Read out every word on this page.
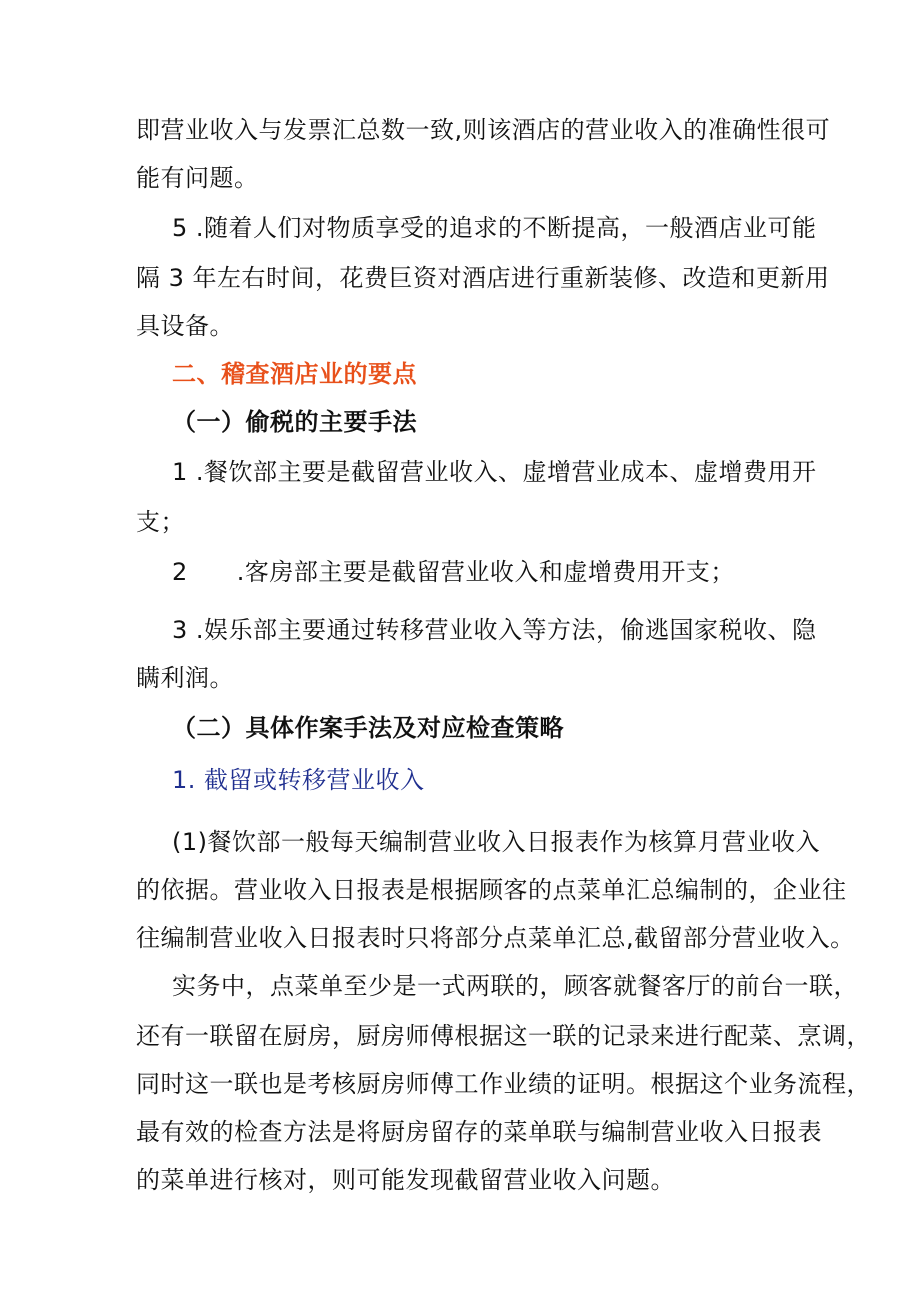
即营业收入与发票汇总数一致,则该酒店的营业收入的准确性很可
能有问题。
5 .随着人们对物质享受的追求的不断提高，一般酒店业可能
隔 3 年左右时间，花费巨资对酒店进行重新装修、改造和更新用
具设备。
二、稽查酒店业的要点
（一）偷税的主要手法
1 .餐饮部主要是截留营业收入、虚增营业成本、虚增费用开
支；
2　　.客房部主要是截留营业收入和虚增费用开支；
3 .娱乐部主要通过转移营业收入等方法，偷逃国家税收、隐
瞒利润。
（二）具体作案手法及对应检查策略
1. 截留或转移营业收入
(1)餐饮部一般每天编制营业收入日报表作为核算月营业收入
的依据。营业收入日报表是根据顾客的点菜单汇总编制的，企业往
往编制营业收入日报表时只将部分点菜单汇总,截留部分营业收入。
实务中，点菜单至少是一式两联的，顾客就餐客厅的前台一联，
还有一联留在厨房，厨房师傅根据这一联的记录来进行配菜、烹调，
同时这一联也是考核厨房师傅工作业绩的证明。根据这个业务流程，
最有效的检查方法是将厨房留存的菜单联与编制营业收入日报表
的菜单进行核对，则可能发现截留营业收入问题。
